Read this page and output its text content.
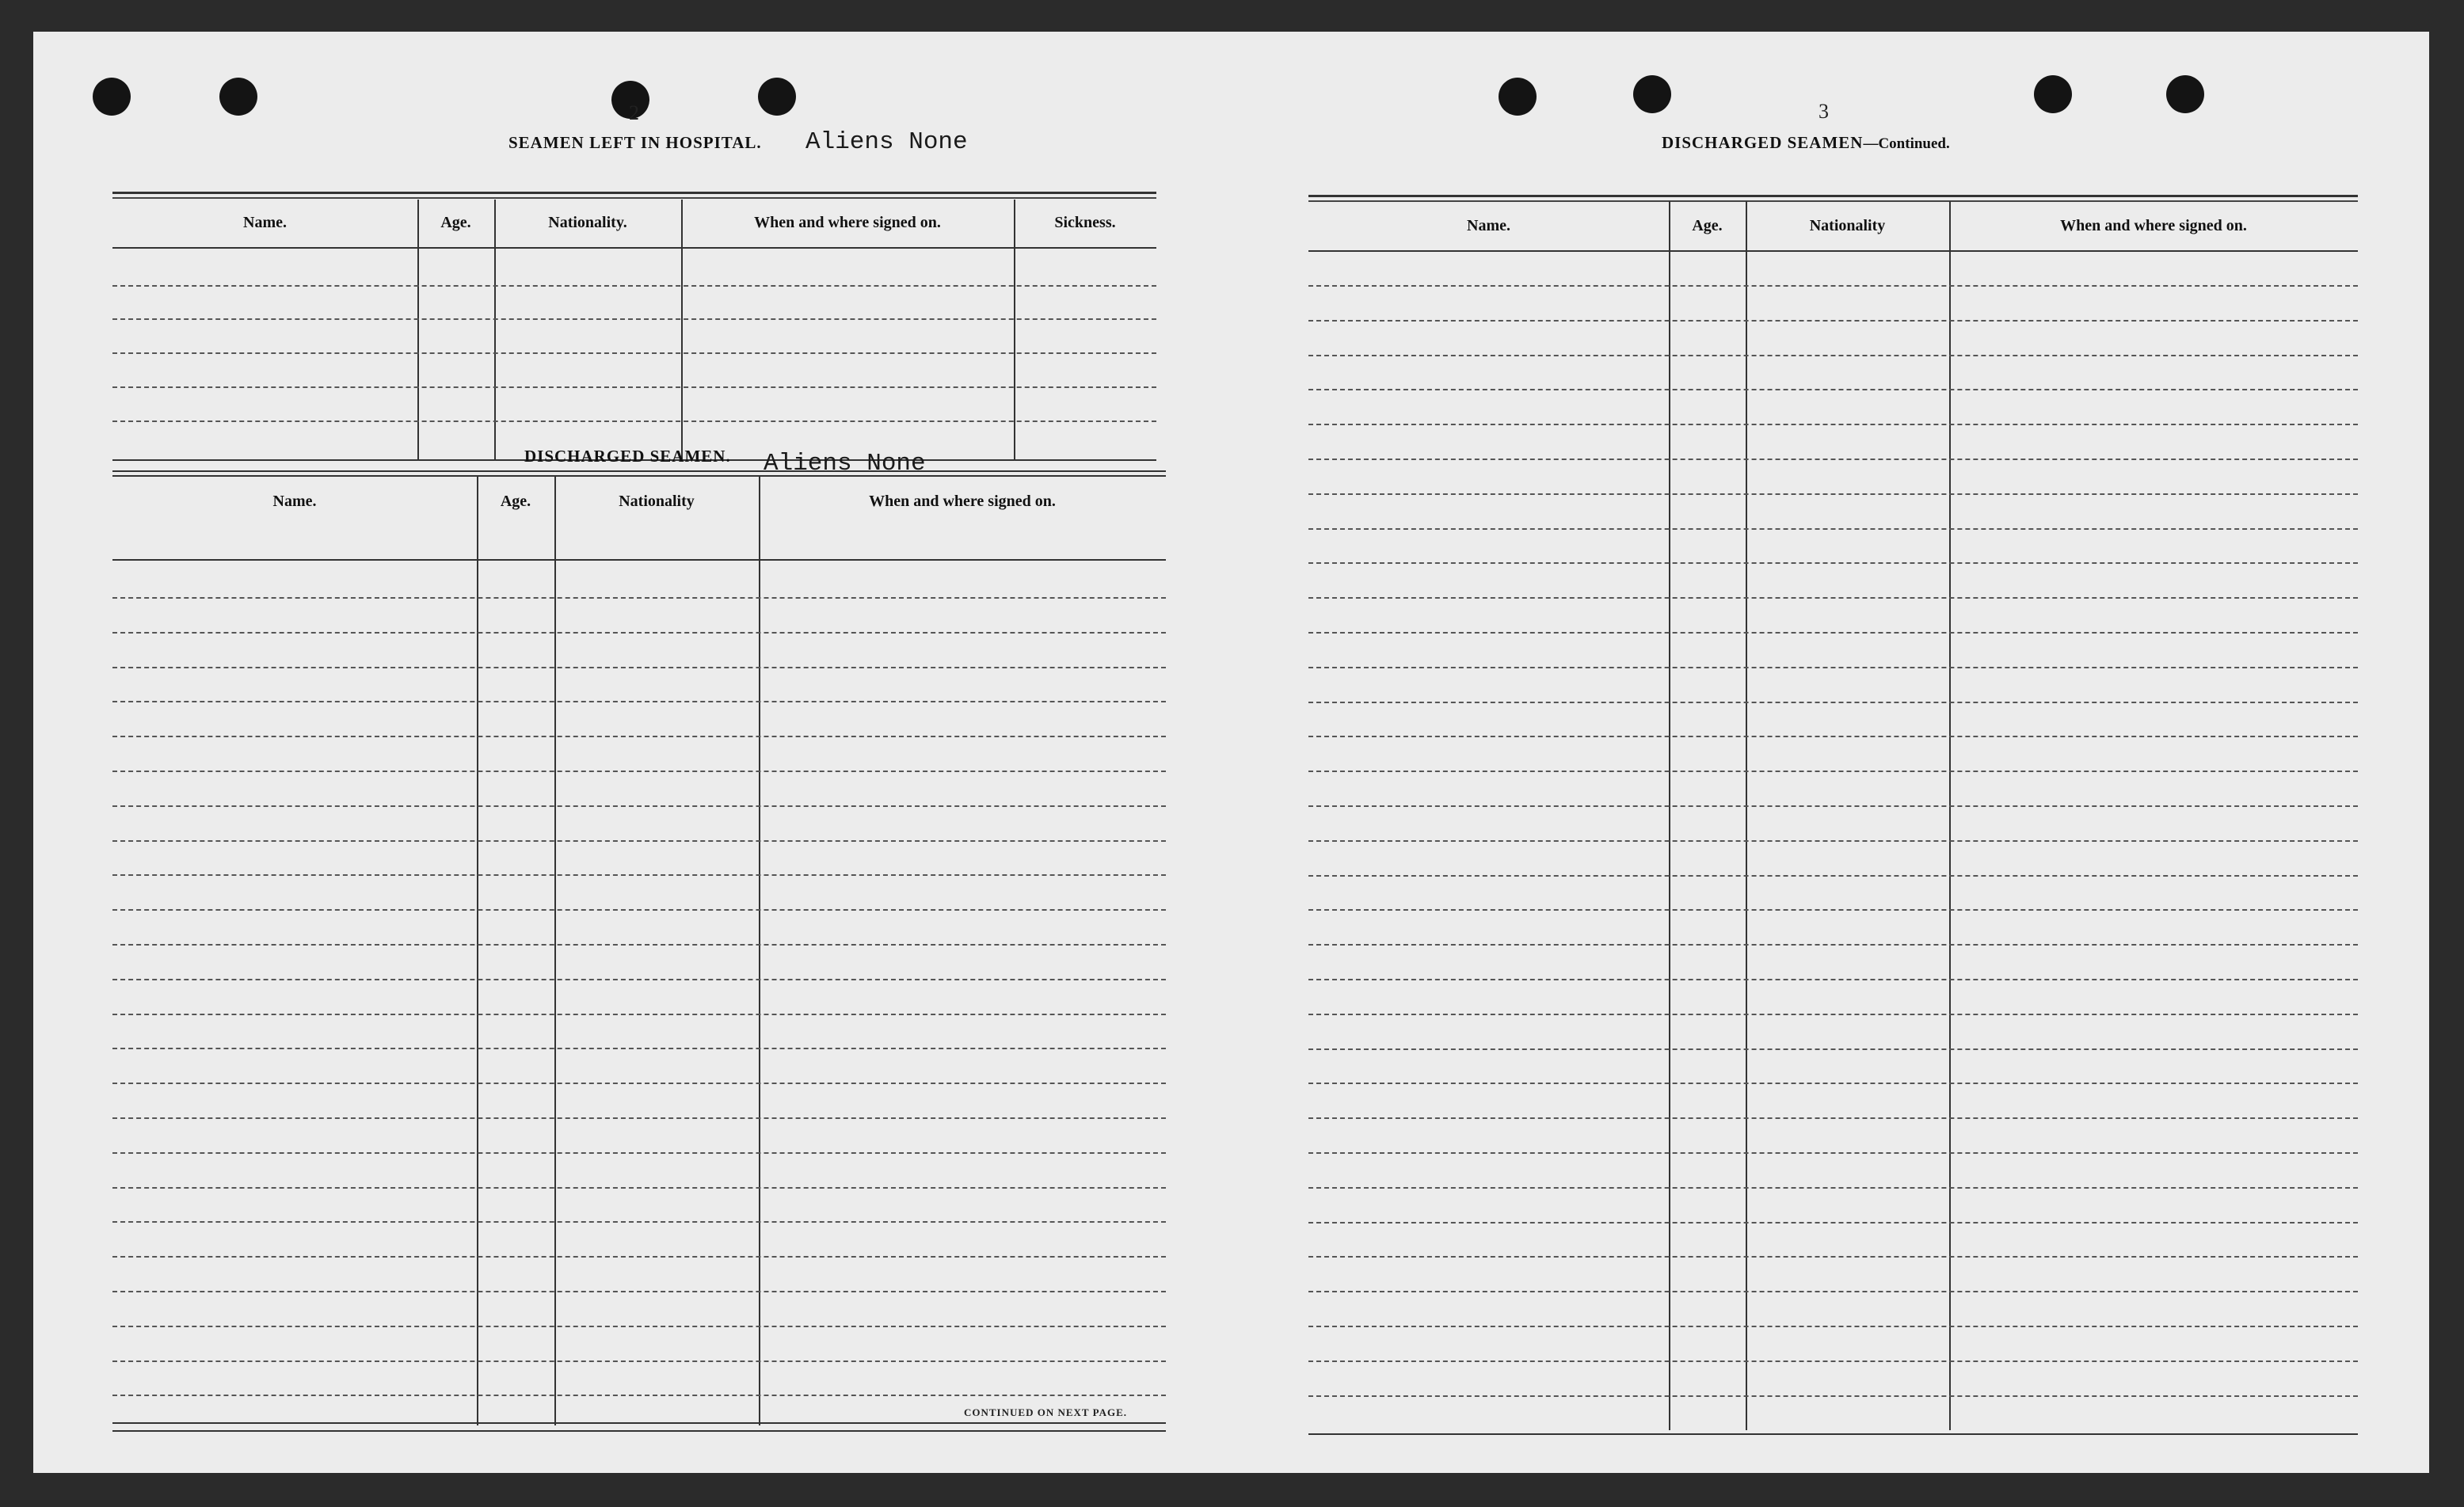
2
SEAMEN LEFT IN HOSPITAL. Aliens None
Name.	Age.	Nationality.	When and where signed on.	Sickness.
DISCHARGED SEAMEN. Aliens None
Name.	Age.	Nationality	When and where signed on.
CONTINUED ON NEXT PAGE.
3
DISCHARGED SEAMEN—Continued.
Name.	Age.	Nationality	When and where signed on.
